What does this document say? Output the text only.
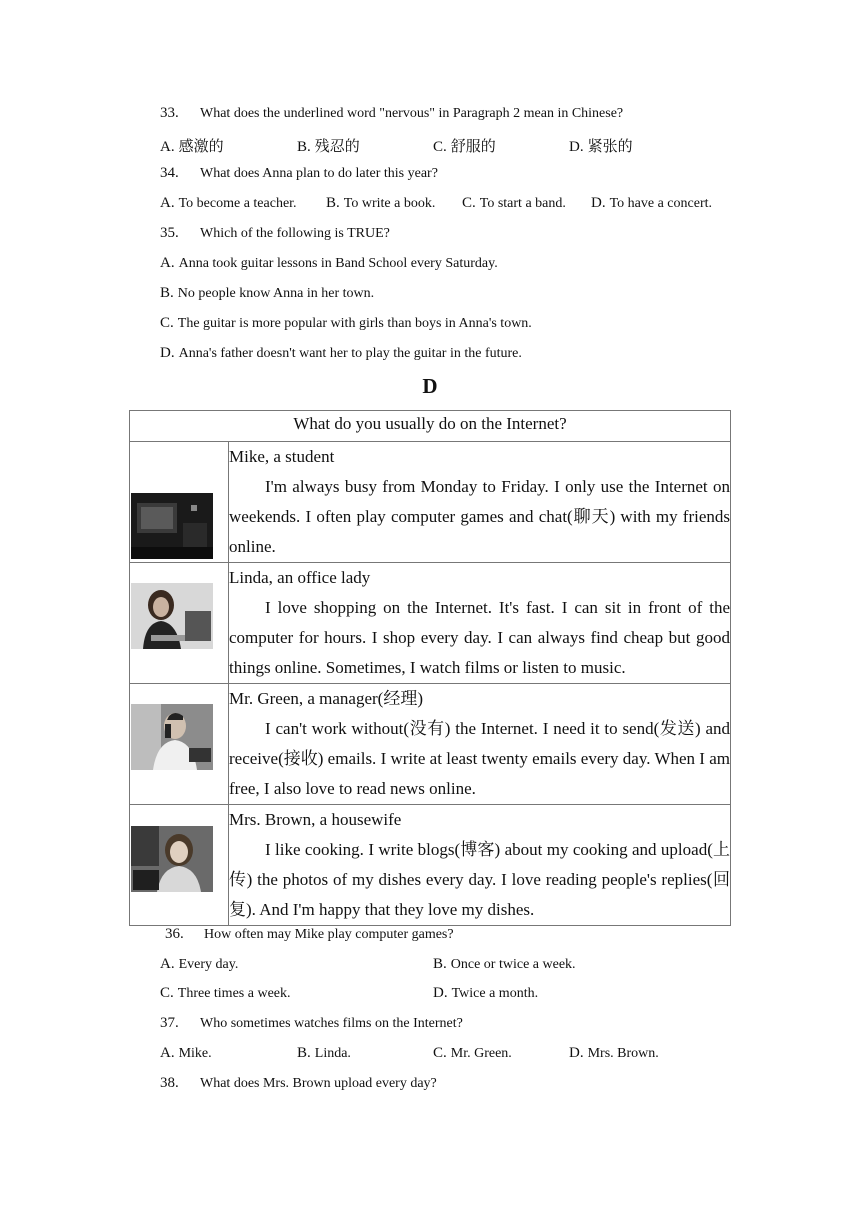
33. What does the underlined word "nervous" in Paragraph 2 mean in Chinese?
A. 感激的	B. 残忍的	C. 舒服的	D. 紧张的
34. What does Anna plan to do later this year?
A. To become a teacher. B. To write a book. C. To start a band. D. To have a concert.
35. Which of the following is TRUE?
A. Anna took guitar lessons in Band School every Saturday.
B. No people know Anna in her town.
C. The guitar is more popular with girls than boys in Anna's town.
D. Anna's father doesn't want her to play the guitar in the future.
D
What do you usually do on the Internet?	

Mike, a student
I'm always busy from Monday to Friday. I only use the Internet on weekends. I often play computer games and chat(聊天) with my friends online.

Linda, an office lady
I love shopping on the Internet. It's fast. I can sit in front of the computer for hours. I shop every day. I can always find cheap but good things online. Sometimes, I watch films or listen to music.

Mr. Green, a manager(经理)
I can't work without(没有) the Internet. I need it to send(发送) and receive(接收) emails. I write at least twenty emails every day. When I am free, I also love to read news online.

Mrs. Brown, a housewife
I like cooking. I write blogs(博客) about my cooking and upload(上传) the photos of my dishes every day. I love reading people's replies(回复). And I'm happy that they love my dishes.
36. How often may Mike play computer games?
A. Every day.	B. Once or twice a week.
C. Three times a week.	D. Twice a month.
37. Who sometimes watches films on the Internet?
A. Mike.	B. Linda.	C. Mr. Green.	D. Mrs. Brown.
38. What does Mrs. Brown upload every day?
